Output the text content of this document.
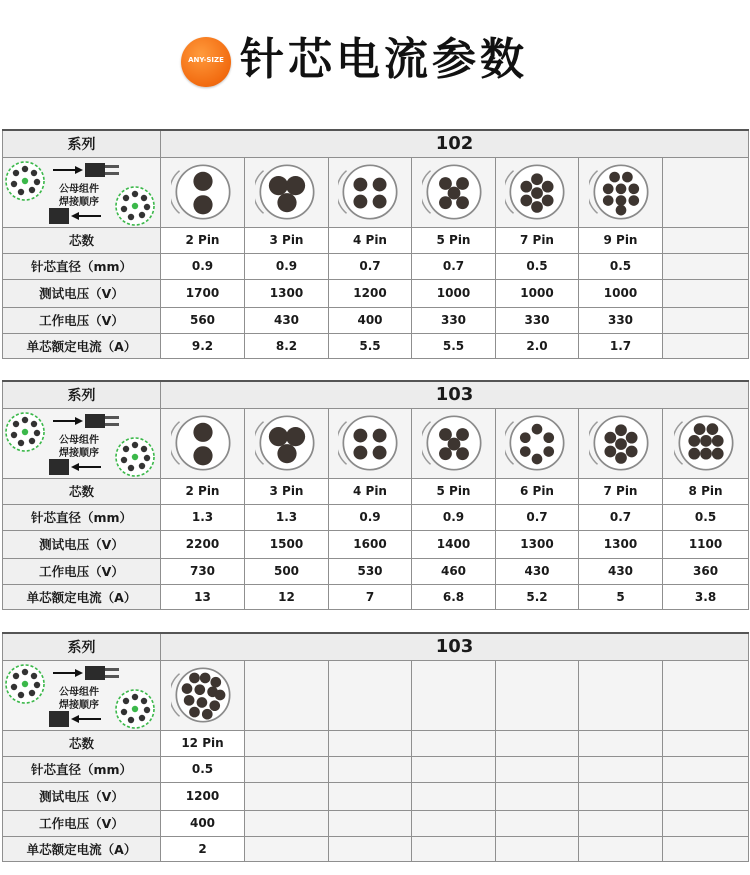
ANY-SIZE 针芯电流参数
系列	102						

公母组件
焊接顺序

芯数	2 Pin	3 Pin	4 Pin	5 Pin	7 Pin	9 Pin	
针芯直径（mm）	0.9	0.9	0.7	0.7	0.5	0.5	
测试电压（V）	1700	1300	1200	1000	1000	1000	
工作电压（V）	560	430	400	330	330	330	
单芯额定电流（A）	9.2	8.2	5.5	5.5	2.0	1.7	
系列	103						

公母组件
焊接顺序

芯数	2 Pin	3 Pin	4 Pin	5 Pin	6 Pin	7 Pin	8 Pin
针芯直径（mm）	1.3	1.3	0.9	0.9	0.7	0.7	0.5
测试电压（V）	2200	1500	1600	1400	1300	1300	1100
工作电压（V）	730	500	530	460	430	430	360
单芯额定电流（A）	13	12	7	6.8	5.2	5	3.8
系列	103						

公母组件
焊接顺序

芯数	12 Pin						
针芯直径（mm）	0.5						
测试电压（V）	1200						
工作电压（V）	400						
单芯额定电流（A）	2						
